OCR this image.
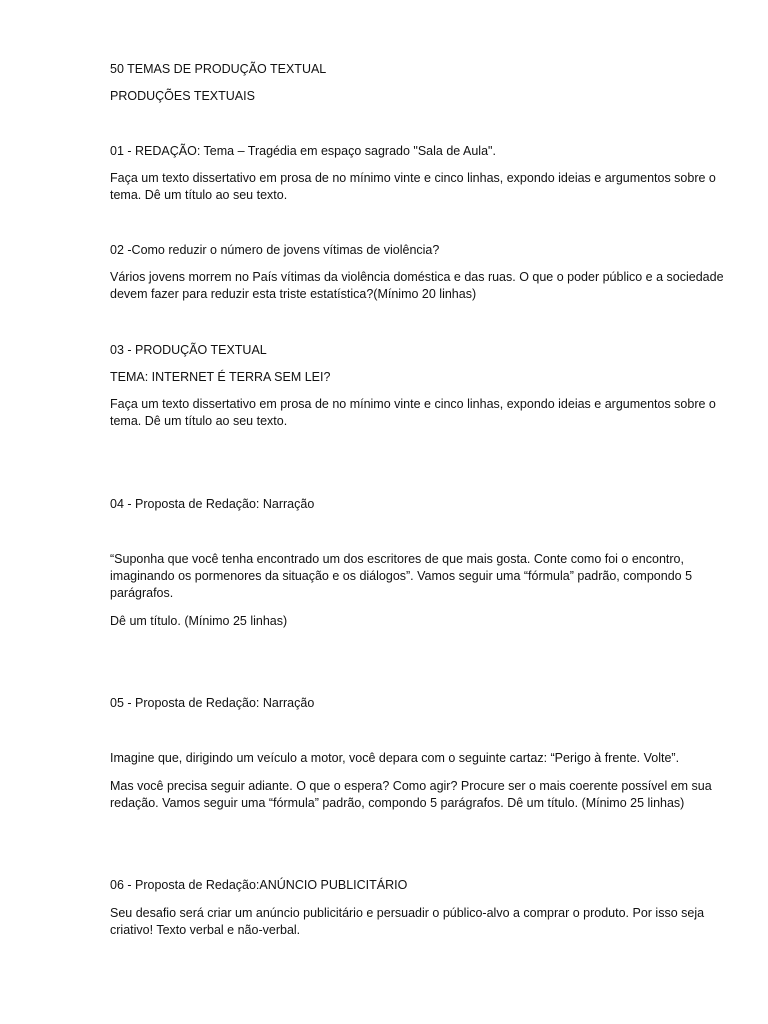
50 TEMAS DE PRODUÇÃO TEXTUAL

PRODUÇÕES TEXTUAIS

01 - REDAÇÃO: Tema – Tragédia em espaço sagrado "Sala de Aula".

Faça um texto dissertativo em prosa de no mínimo vinte e cinco linhas, expondo ideias e argumentos sobre o tema. Dê um título ao seu texto.

02 -Como reduzir o número de jovens vítimas de violência?

Vários jovens morrem no País vítimas da violência doméstica e das ruas. O que o poder público e a sociedade devem fazer para reduzir esta triste estatística?(Mínimo 20 linhas)

03 - PRODUÇÃO TEXTUAL

TEMA: INTERNET É TERRA SEM LEI?

Faça um texto dissertativo em prosa de no mínimo vinte e cinco linhas, expondo ideias e argumentos sobre o tema. Dê um título ao seu texto.

04 - Proposta de Redação: Narração

“Suponha que você tenha encontrado um dos escritores de que mais gosta. Conte como foi o encontro, imaginando os pormenores da situação e os diálogos”. Vamos seguir uma “fórmula” padrão, compondo 5 parágrafos.

Dê um título. (Mínimo 25 linhas)

05 - Proposta de Redação: Narração

Imagine que, dirigindo um veículo a motor, você depara com o seguinte cartaz: “Perigo à frente. Volte”.

Mas você precisa seguir adiante. O que o espera? Como agir? Procure ser o mais coerente possível em sua redação. Vamos seguir uma “fórmula” padrão, compondo 5 parágrafos. Dê um título. (Mínimo 25 linhas)

06 - Proposta de Redação:ANÚNCIO PUBLICITÁRIO

Seu desafio será criar um anúncio publicitário e persuadir o público-alvo a comprar o produto. Por isso seja criativo! Texto verbal e não-verbal.
